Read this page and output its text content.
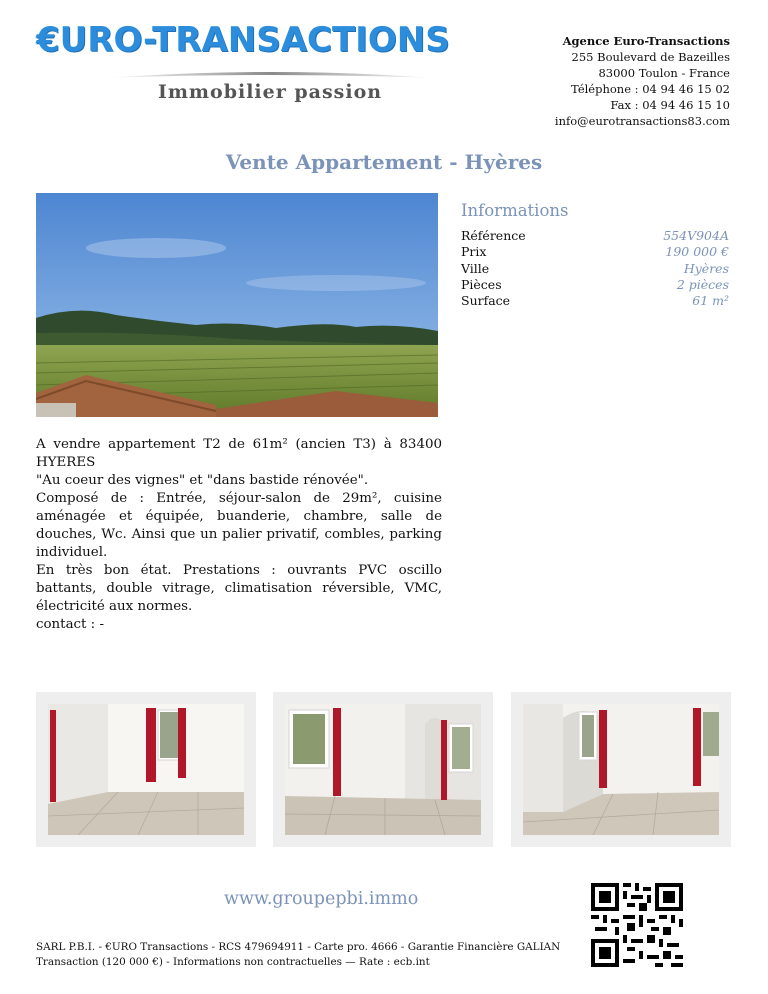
€URO-TRANSACTIONS
Immobilier passion
Agence Euro-Transactions
255 Boulevard de Bazeilles
83000 Toulon - France
Téléphone : 04 94 46 15 02
Fax : 04 94 46 15 10
info@eurotransactions83.com
Vente Appartement - Hyères
Informations
Référence	554V904A
Prix	190 000 €
Ville	Hyères
Pièces	2 pièces
Surface	61 m²

A vendre appartement T2 de 61m² (ancien T3) à 83400 HYERES

"Au coeur des vignes" et "dans bastide rénovée".

Composé de : Entrée, séjour-salon de 29m², cuisine aménagée et équipée, buanderie, chambre, salle de douches, Wc. Ainsi que un palier privatif, combles, parking individuel.

En très bon état. Prestations : ouvrants PVC oscillo battants, double vitrage, climatisation réversible, VMC, électricité aux normes.

contact : -

www.groupepbi.immo
SARL P.B.I. - €URO Transactions - RCS 479694911 - Carte pro. 4666 - Garantie Financière GALIAN
Transaction (120 000 €) - Informations non contractuelles — Rate : ecb.int
